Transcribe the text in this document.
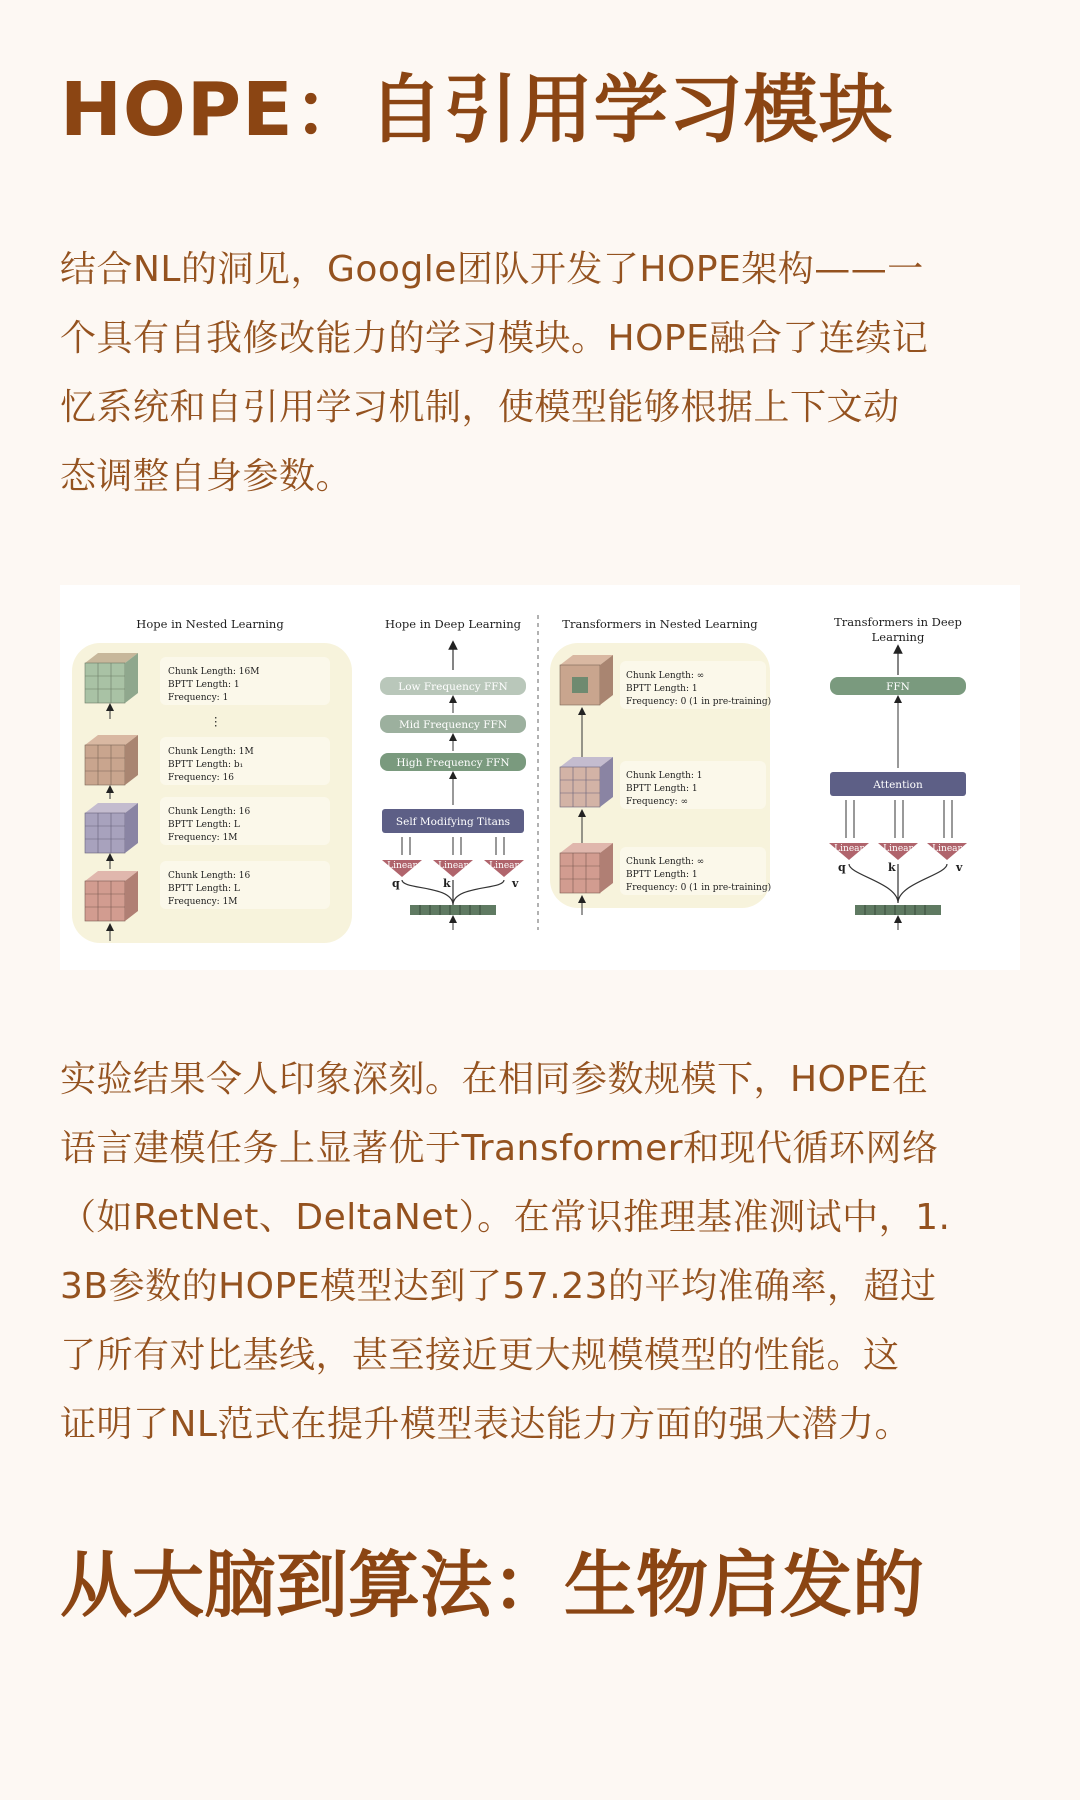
HOPE：自引用学习模块
结合NL的洞见，Google团队开发了HOPE架构——一
个具有自我修改能力的学习模块。HOPE融合了连续记
忆系统和自引用学习机制，使模型能够根据上下文动
态调整自身参数。
Hope in Nested Learning
Chunk Length: 16M
BPTT Length: 1
Frequency: 1
⋮
Chunk Length: 1M
BPTT Length: b₁
Frequency: 16
Chunk Length: 16
BPTT Length: L
Frequency: 1M
Chunk Length: 16
BPTT Length: L
Frequency: 1M
Hope in Deep Learning
Low Frequency FFN
Mid Frequency FFN
High Frequency FFN
Self Modifying Titans
Linear Linear Linear
q	k	v
Transformers in Nested Learning
Chunk Length: ∞
BPTT Length: 1
Frequency: 0 (1 in pre-training)
Chunk Length: 1
BPTT Length: 1
Frequency: ∞
Chunk Length: ∞
BPTT Length: 1
Frequency: 0 (1 in pre-training)
Transformers in Deep
Learning
FFN
Attention
Linear Linear Linear
q	k	v
实验结果令人印象深刻。在相同参数规模下，HOPE在
语言建模任务上显著优于Transformer和现代循环网络
（如RetNet、DeltaNet）。在常识推理基准测试中，1.
3B参数的HOPE模型达到了57.23的平均准确率，超过
了所有对比基线，甚至接近更大规模模型的性能。这
证明了NL范式在提升模型表达能力方面的强大潜力。
从大脑到算法：生物启发的
